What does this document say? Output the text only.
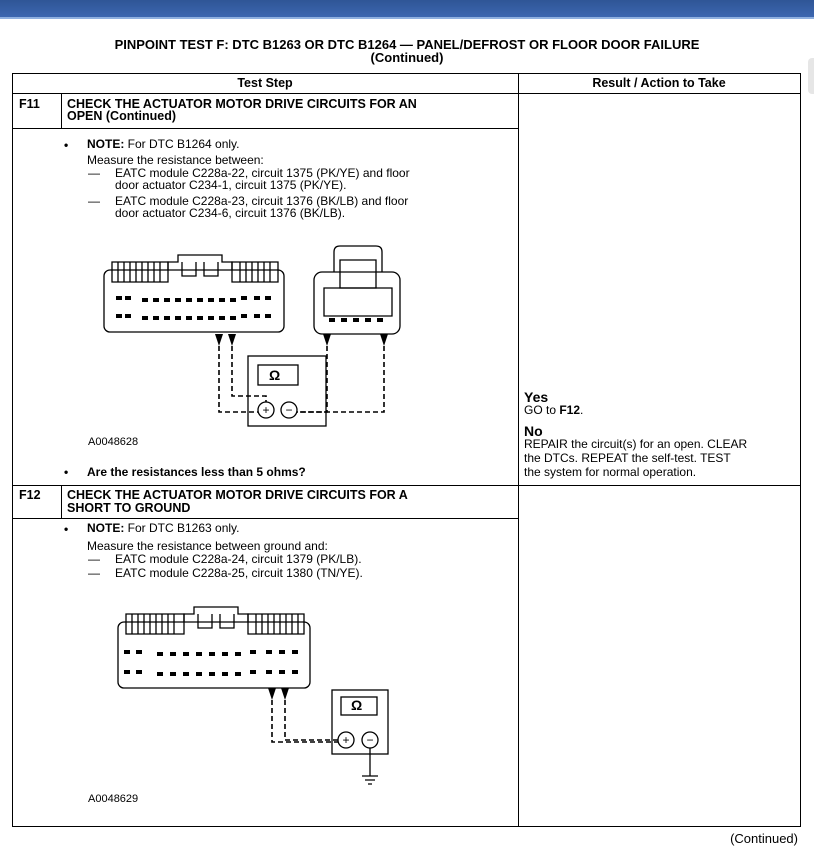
PINPOINT TEST F: DTC B1263 OR DTC B1264 — PANEL/DEFROST OR FLOOR DOOR FAILURE
(Continued)
Test Step	Result / Action to Take
F11 CHECK THE ACTUATOR MOTOR DRIVE CIRCUITS FOR AN
OPEN (Continued)
• NOTE: For DTC B1264 only.
Measure the resistance between:
— EATC module C228a-22, circuit 1375 (PK/YE) and floor
door actuator C234-1, circuit 1375 (PK/YE).
— EATC module C228a-23, circuit 1376 (BK/LB) and floor
door actuator C234-6, circuit 1376 (BK/LB).
+ −
Ω
A0048628
• Are the resistances less than 5 ohms?
Yes
GO to F12.
No
REPAIR the circuit(s) for an open. CLEAR
the DTCs. REPEAT the self-test. TEST
the system for normal operation.
F12 CHECK THE ACTUATOR MOTOR DRIVE CIRCUITS FOR A
SHORT TO GROUND
• NOTE: For DTC B1263 only.
Measure the resistance between ground and:
— EATC module C228a-24, circuit 1379 (PK/LB).
— EATC module C228a-25, circuit 1380 (TN/YE).
+ −
Ω
A0048629
(Continued)
